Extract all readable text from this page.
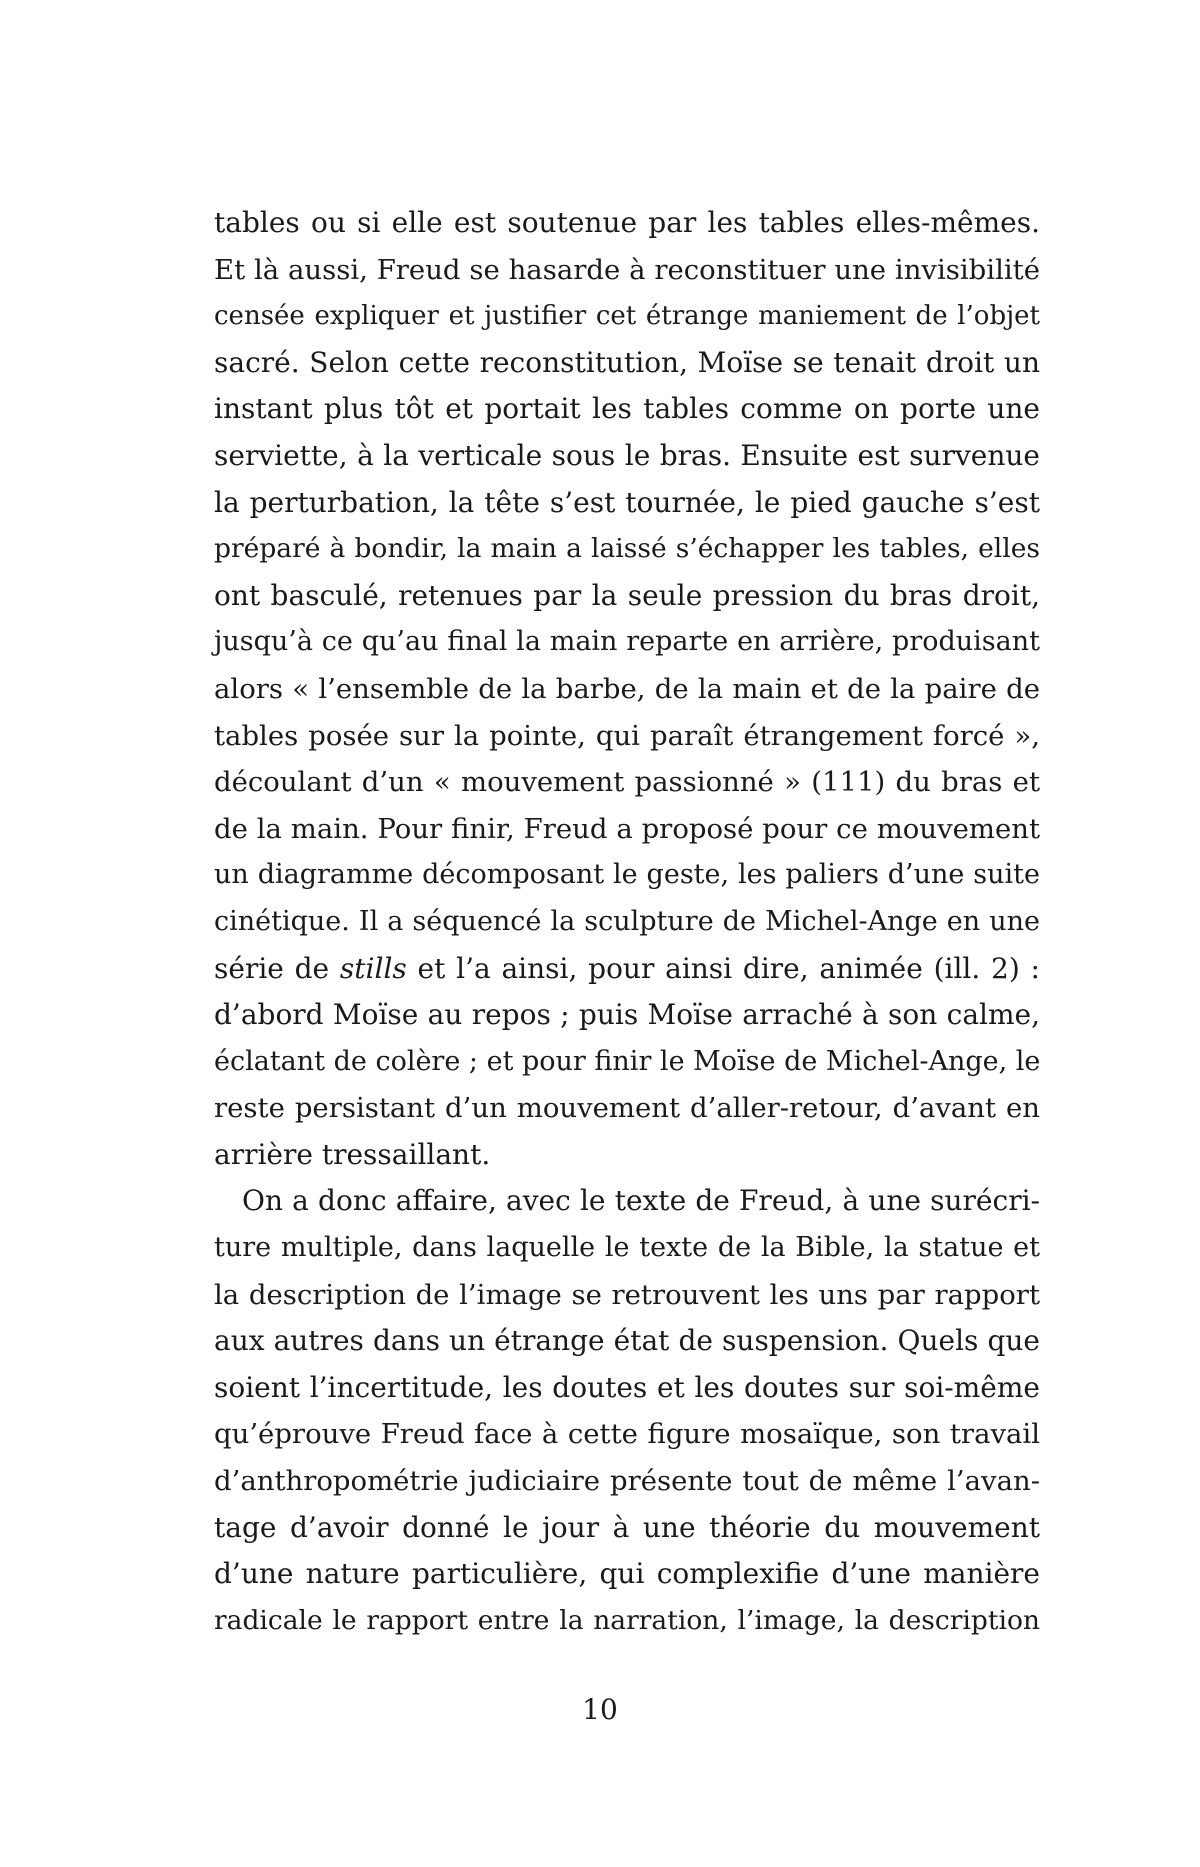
tables ou si elle est soutenue par les tables elles-mêmes.
Et là aussi, Freud se hasarde à reconstituer une invisibilité
censée expliquer et justifier cet étrange maniement de l’objet
sacré. Selon cette reconstitution, Moïse se tenait droit un
instant plus tôt et portait les tables comme on porte une
serviette, à la verticale sous le bras. Ensuite est survenue
la perturbation, la tête s’est tournée, le pied gauche s’est
préparé à bondir, la main a laissé s’échapper les tables, elles
ont basculé, retenues par la seule pression du bras droit,
jusqu’à ce qu’au final la main reparte en arrière, produisant
alors « l’ensemble de la barbe, de la main et de la paire de
tables posée sur la pointe, qui paraît étrangement forcé »,
découlant d’un « mouvement passionné » (111) du bras et
de la main. Pour finir, Freud a proposé pour ce mouvement
un diagramme décomposant le geste, les paliers d’une suite
cinétique. Il a séquencé la sculpture de Michel-Ange en une
série de stills et l’a ainsi, pour ainsi dire, animée (ill. 2) :
d’abord Moïse au repos ; puis Moïse arraché à son calme,
éclatant de colère ; et pour finir le Moïse de Michel-Ange, le
reste persistant d’un mouvement d’aller-retour, d’avant en
arrière tressaillant.
On a donc affaire, avec le texte de Freud, à une surécri-
ture multiple, dans laquelle le texte de la Bible, la statue et
la description de l’image se retrouvent les uns par rapport
aux autres dans un étrange état de suspension. Quels que
soient l’incertitude, les doutes et les doutes sur soi-même
qu’éprouve Freud face à cette figure mosaïque, son travail
d’anthropométrie judiciaire présente tout de même l’avan-
tage d’avoir donné le jour à une théorie du mouvement
d’une nature particulière, qui complexifie d’une manière
radicale le rapport entre la narration, l’image, la description
10
